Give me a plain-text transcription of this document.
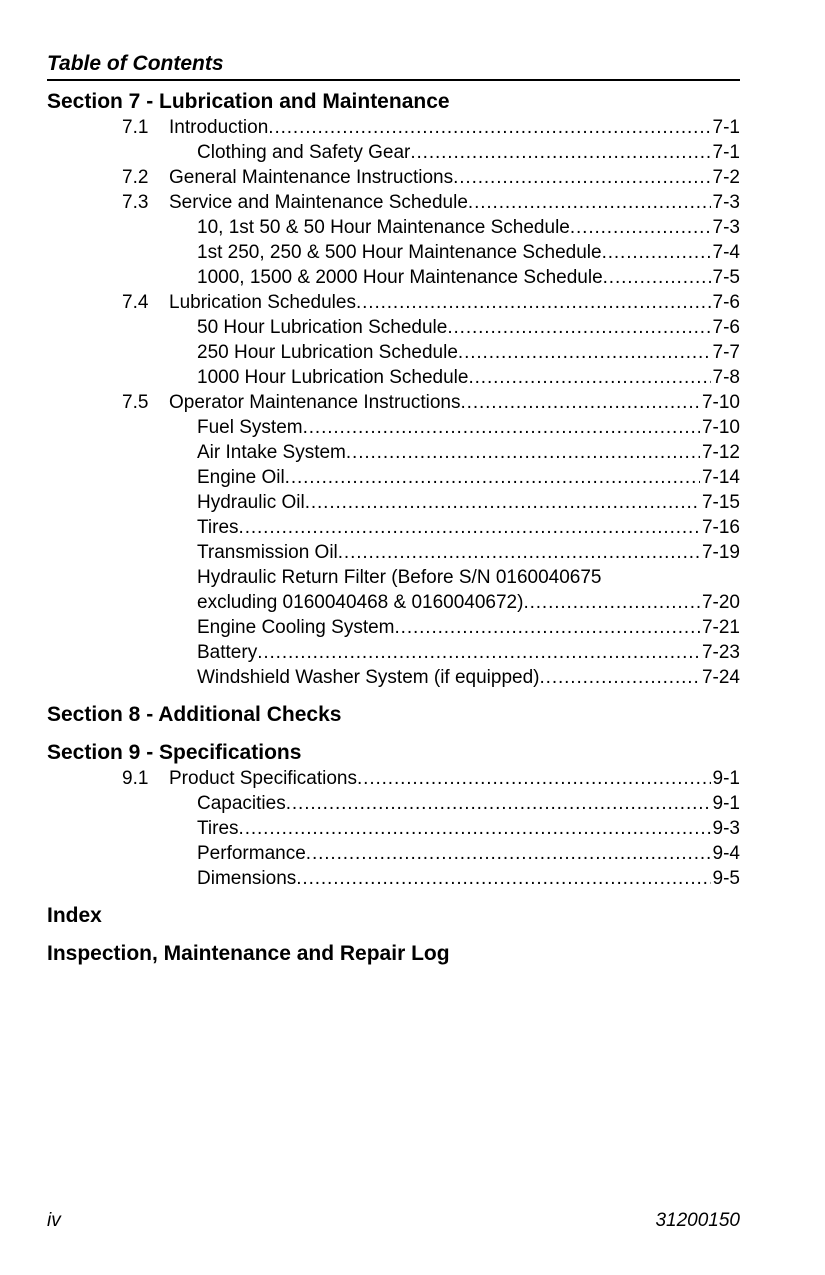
Table of Contents
Section 7 - Lubrication and Maintenance
7.1 Introduction . . .	7-1
Clothing and Safety Gear . . .	7-1
7.2 General Maintenance Instructions . . .	7-2
7.3 Service and Maintenance Schedule . . .	7-3
10, 1st 50 & 50 Hour Maintenance Schedule . . .	7-3
1st 250, 250 & 500 Hour Maintenance Schedule . . .	7-4
1000, 1500 & 2000 Hour Maintenance Schedule . . .	7-5
7.4 Lubrication Schedules . . .	7-6
50 Hour Lubrication Schedule . . .	7-6
250 Hour Lubrication Schedule . . .	7-7
1000 Hour Lubrication Schedule . . .	7-8
7.5 Operator Maintenance Instructions . . .	7-10
Fuel System . . .	7-10
Air Intake System . . .	7-12
Engine Oil . . .	7-14
Hydraulic Oil . . .	7-15
Tires . . .	7-16
Transmission Oil . . .	7-19
Hydraulic Return Filter (Before S/N 0160040675
excluding 0160040468 & 0160040672) . . .	7-20
Engine Cooling System . . .	7-21
Battery . . .	7-23
Windshield Washer System (if equipped) . . .	7-24
Section 8 - Additional Checks
Section 9 - Specifications
9.1 Product Specifications . . .	9-1
Capacities . . .	9-1
Tires . . .	9-3
Performance . . .	9-4
Dimensions . . .	9-5
Index
Inspection, Maintenance and Repair Log
iv	31200150
